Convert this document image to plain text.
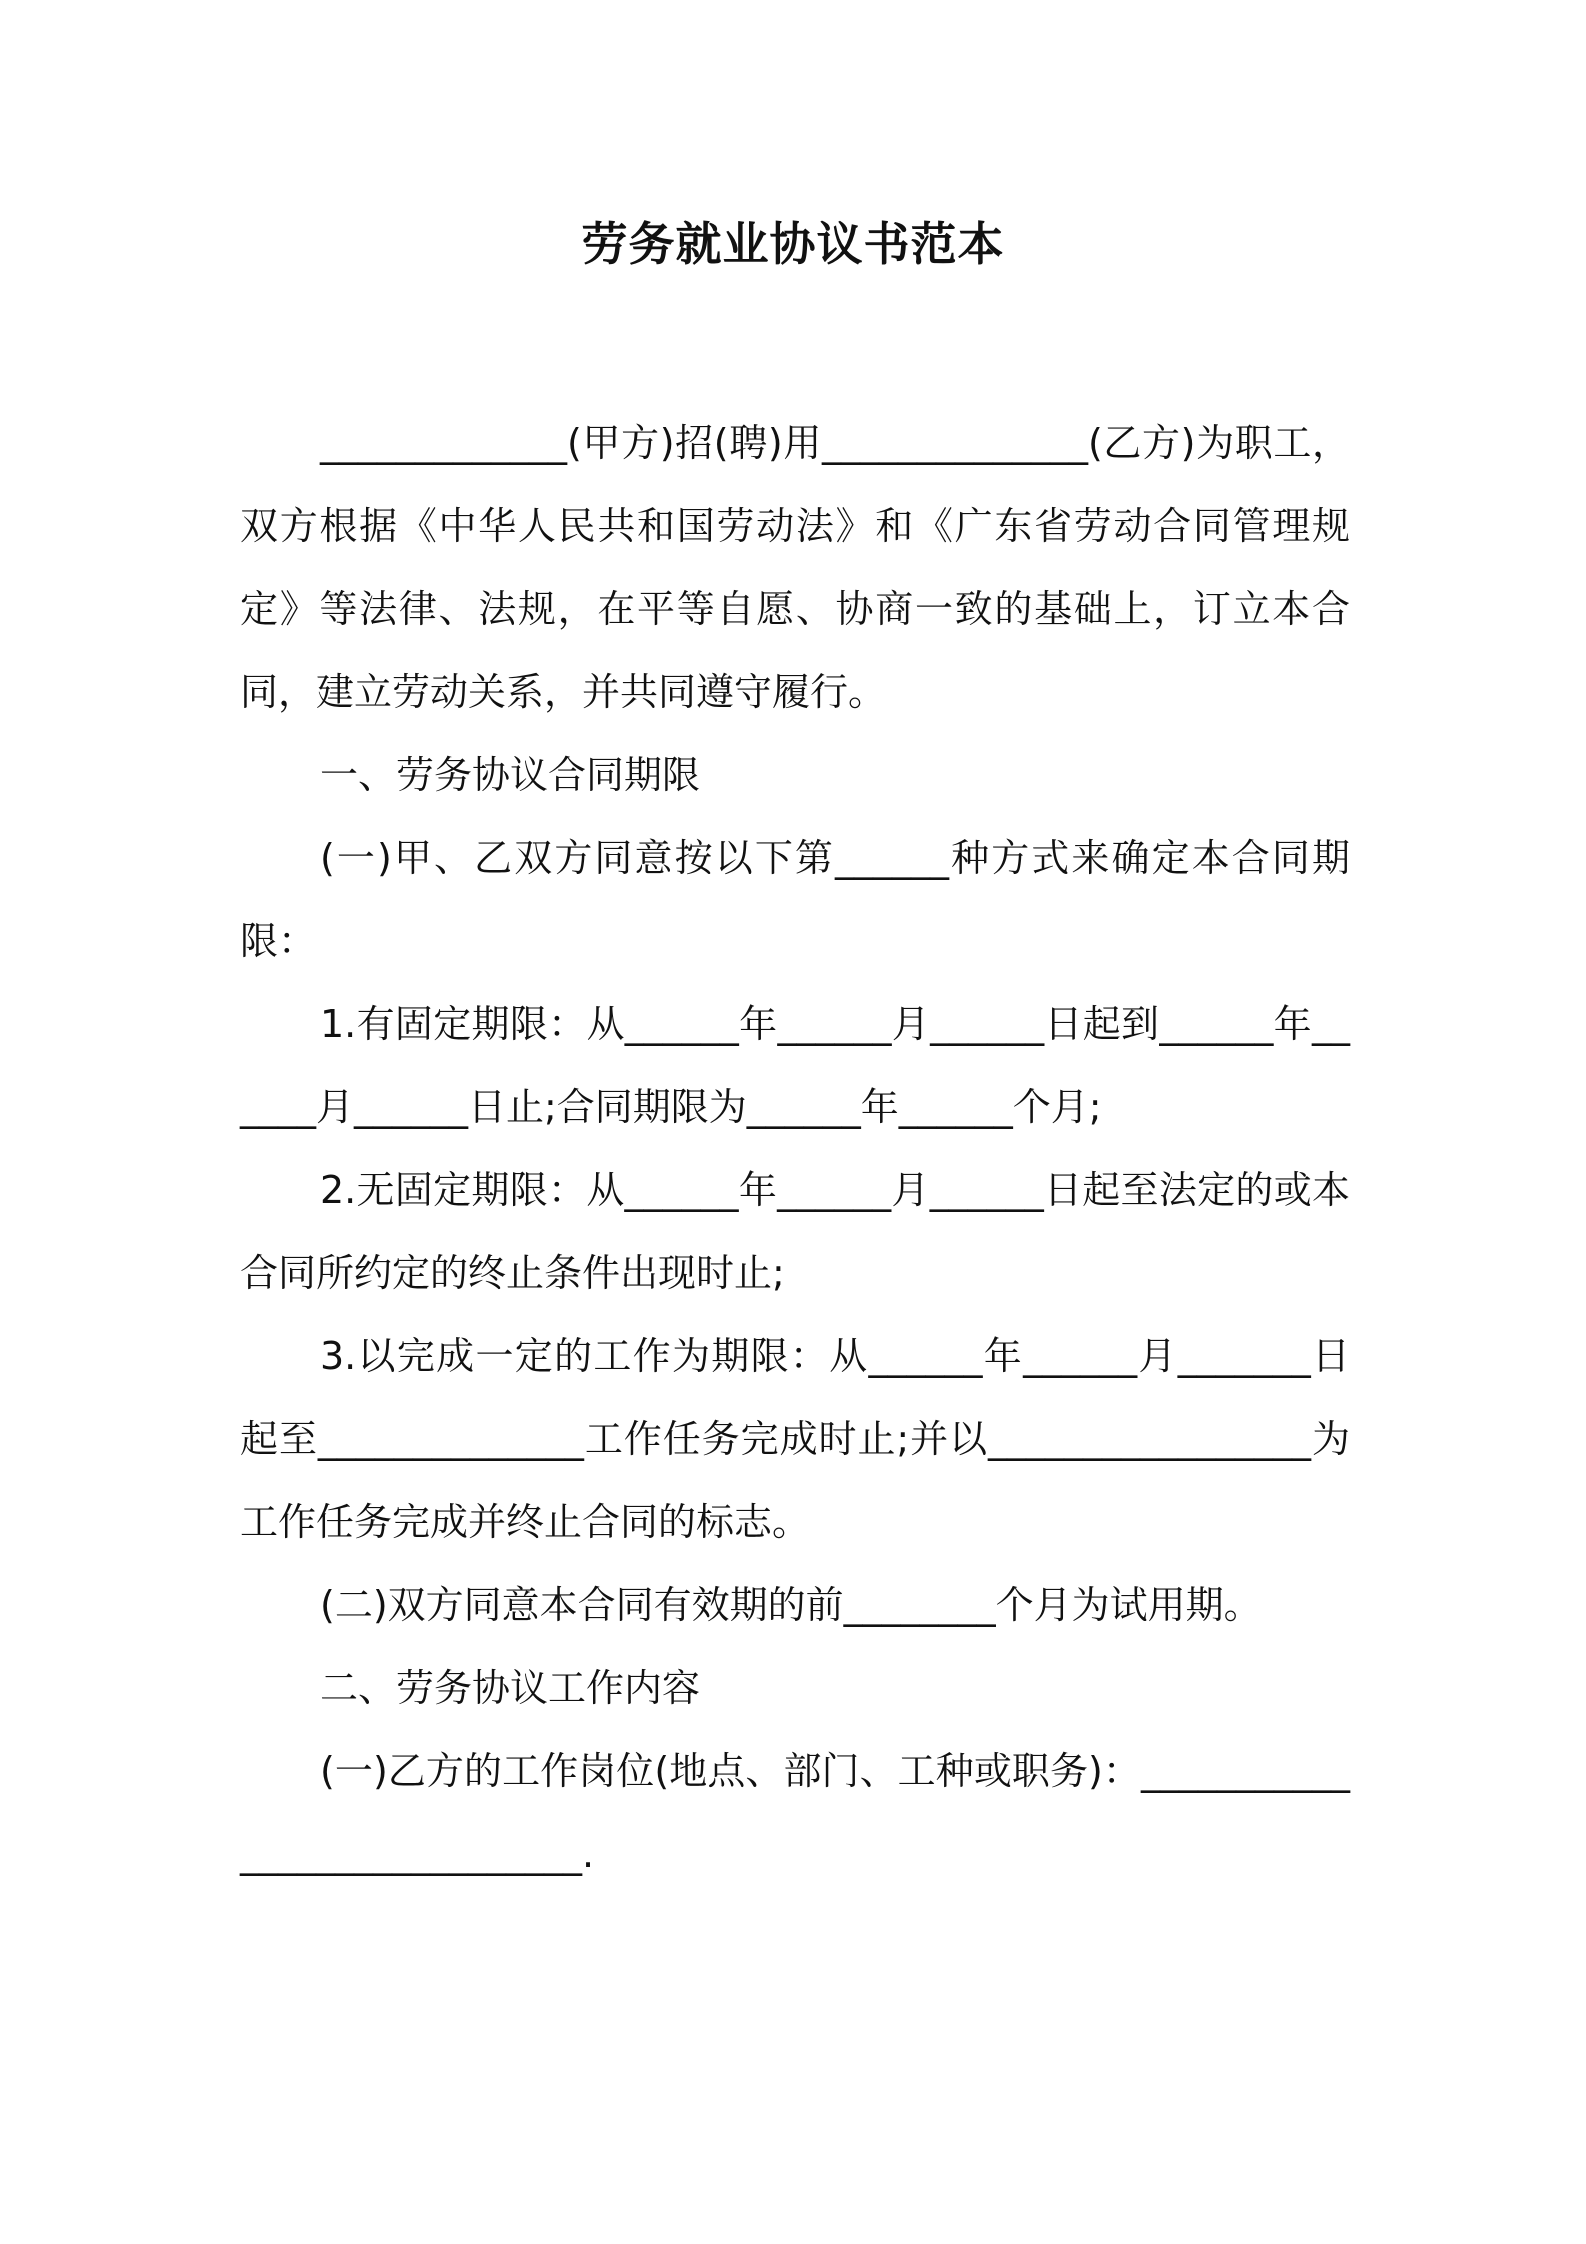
劳务就业协议书范本

_____________(甲方)招(聘)用______________(乙方)为职工，双方根据《中华人民共和国劳动法》和《广东省劳动合同管理规定》等法律、法规，在平等自愿、协商一致的基础上，订立本合同，建立劳动关系，并共同遵守履行。

一、劳务协议合同期限

(一)甲、乙双方同意按以下第______种方式来确定本合同期限：

1.有固定期限：从______年______月______日起到______年______月______日止;合同期限为______年______个月;

2.无固定期限：从______年______月______日起至法定的或本合同所约定的终止条件出现时止;

3.以完成一定的工作为期限：从______年______月_______日起至______________工作任务完成时止;并以_________________为工作任务完成并终止合同的标志。

(二)双方同意本合同有效期的前________个月为试用期。

二、劳务协议工作内容

(一)乙方的工作岗位(地点、部门、工种或职务)：_____________________________.
